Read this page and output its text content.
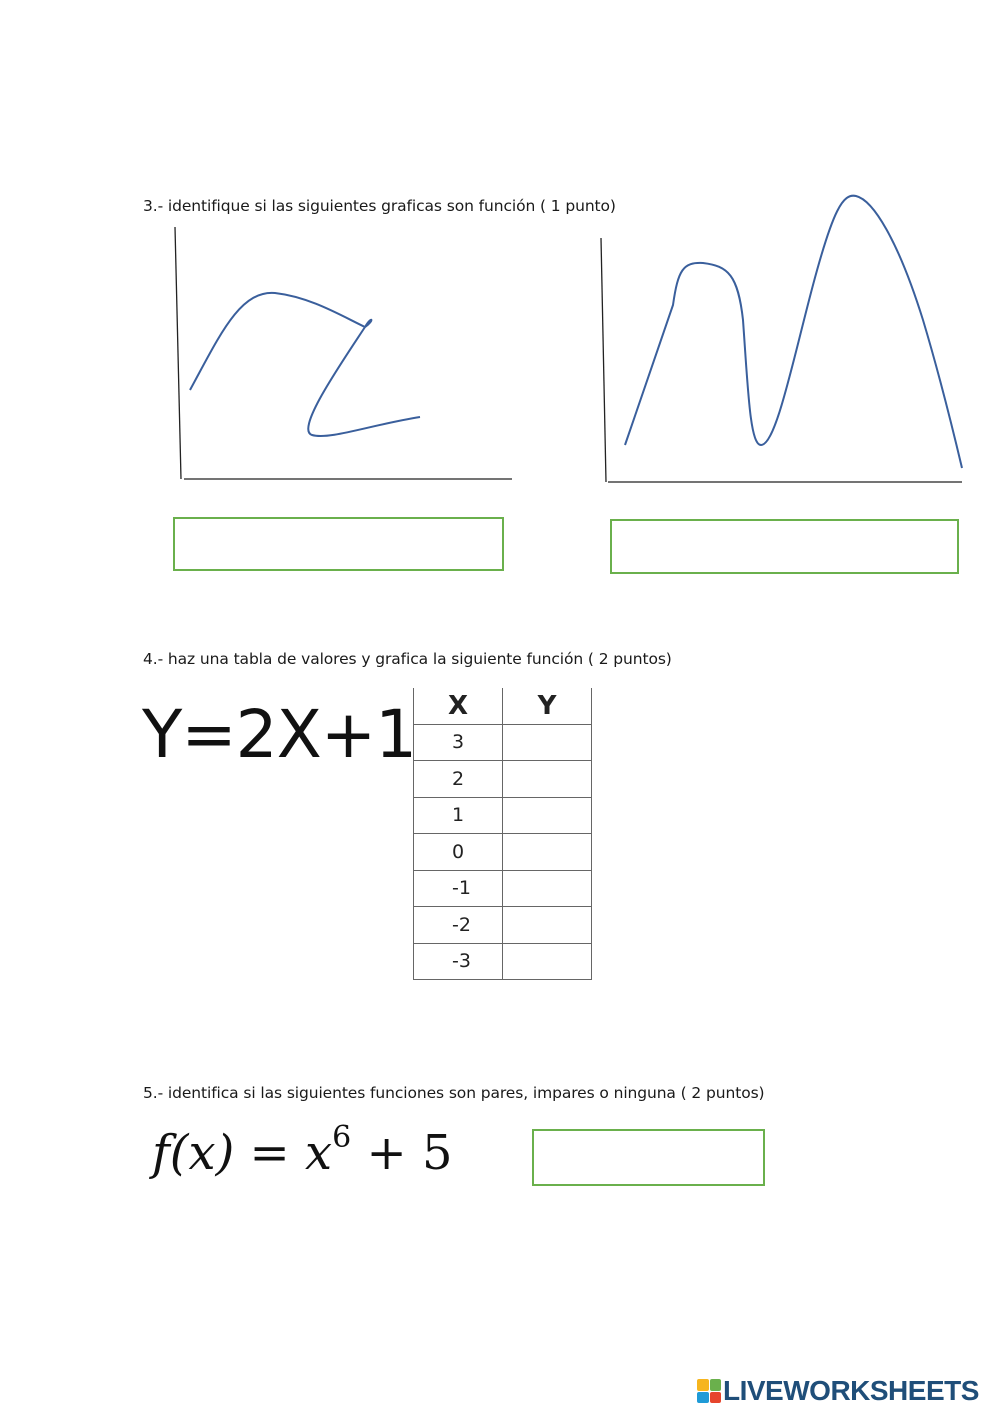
3.- identifique si las siguientes graficas son función ( 1 punto)
4.- haz una tabla de valores y grafica la siguiente función ( 2 puntos)
Y=2X+1 X	Y
3	
2	
1	
0	
-1	
-2	
-3	
5.- identifica si las siguientes funciones son pares, impares o ninguna ( 2 puntos)
$f(x) = x^6 + 5$
LIVEWORKSHEETS
